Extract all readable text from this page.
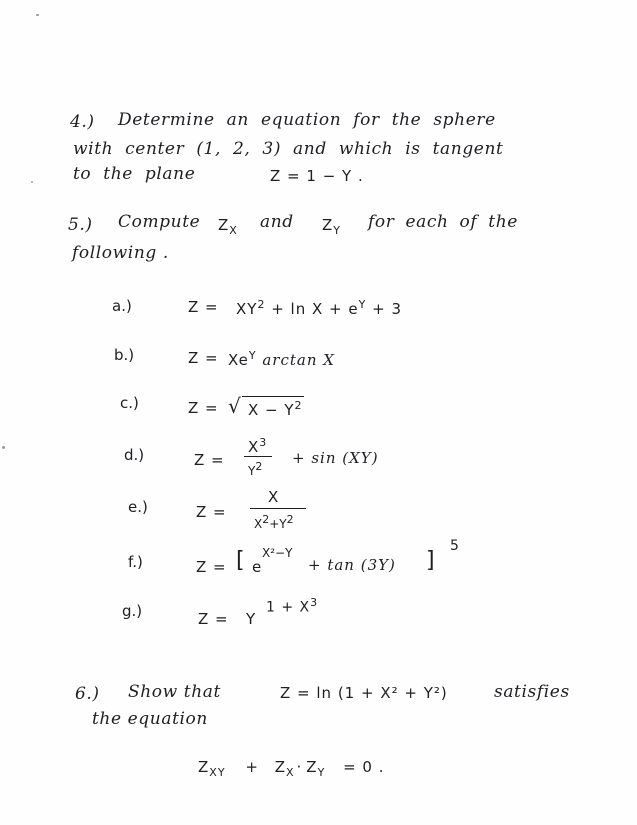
4.) Determine an equation for the sphere
with center (1, 2, 3) and which is tangent
to the plane	Z = 1 − Y .
5.) Compute $Z_X$ and $Z_Y$ for each of the
following .
a.)	$Z = XY^2 + \ln X + e^Y + 3$
b.)	$Z = Xe^Y$ arctan X
c.)	Z = √ $X - Y^2$
d.)	Z =
$X^3$
Y2 + sin (XY)
e.)	Z =
X
X2+Y2
f.)	Z = [ e
X²−Y
+ tan (3Y) ]
5
g.)	Z = Y
$1 + X^3$
6.) Show that	Z = ln (1 + X² + Y²)	satisfies
the equation
$Z_{XY} + Z_X \cdot Z_Y = 0$ .
